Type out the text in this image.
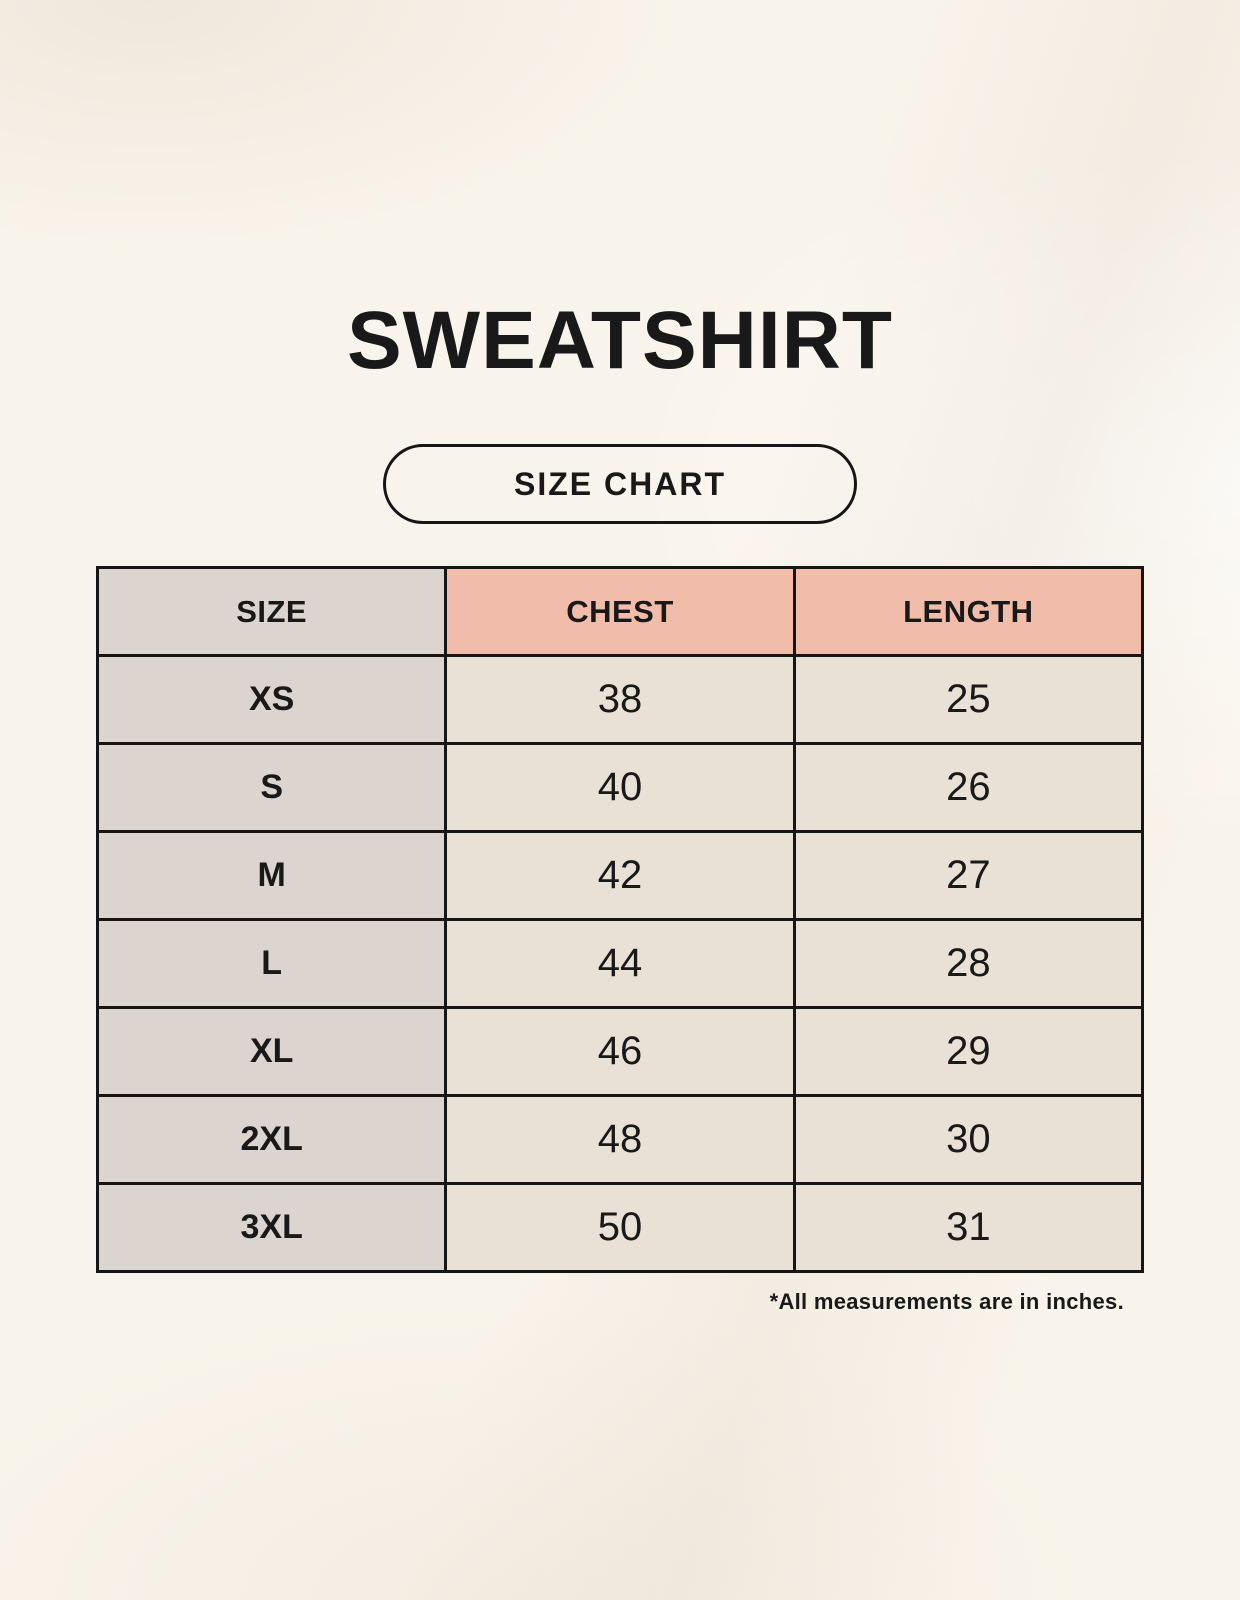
SWEATSHIRT
SIZE CHART
SIZE	CHEST	LENGTH
XS	38	25
S	40	26
M	42	27
L	44	28
XL	46	29
2XL	48	30
3XL	50	31

*All measurements are in inches.
